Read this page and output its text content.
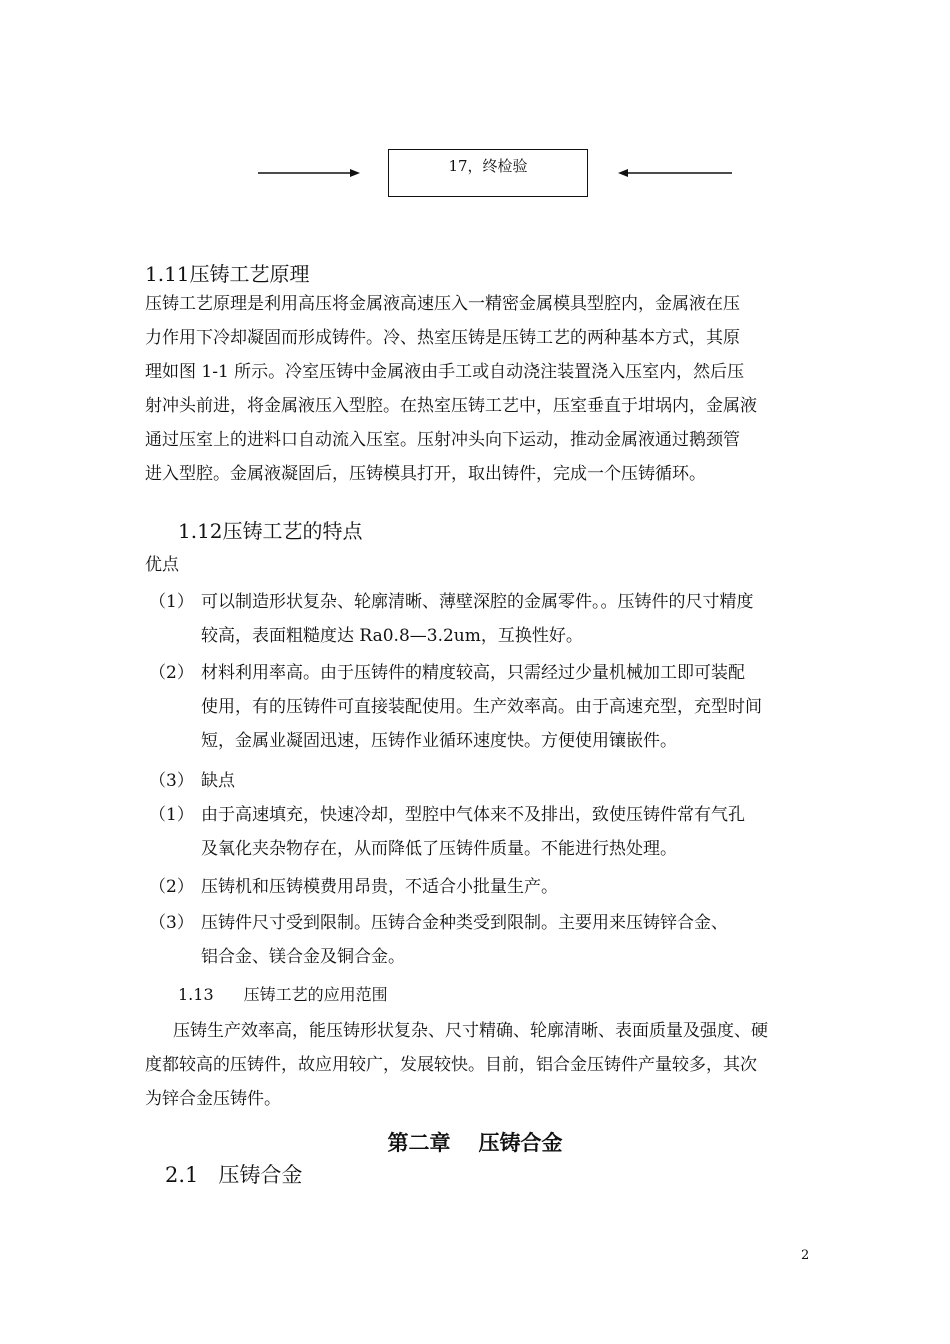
17，终检验
1.11压铸工艺原理

压铸工艺原理是利用高压将金属液高速压入一精密金属模具型腔内，金属液在压

力作用下冷却凝固而形成铸件。冷、热室压铸是压铸工艺的两种基本方式，其原

理如图 1-1 所示。冷室压铸中金属液由手工或自动浇注装置浇入压室内，然后压

射冲头前进，将金属液压入型腔。在热室压铸工艺中，压室垂直于坩埚内，金属液

通过压室上的进料口自动流入压室。压射冲头向下运动，推动金属液通过鹅颈管

进入型腔。金属液凝固后，压铸模具打开，取出铸件，完成一个压铸循环。

1.12压铸工艺的特点
优点
（1） 可以制造形状复杂、轮廓清晰、薄壁深腔的金属零件。。压铸件的尺寸精度
较高，表面粗糙度达 Ra0.8—3.2um，互换性好。
（2） 材料利用率高。由于压铸件的精度较高，只需经过少量机械加工即可装配
使用，有的压铸件可直接装配使用。生产效率高。由于高速充型，充型时间
短，金属业凝固迅速，压铸作业循环速度快。方便使用镶嵌件。
（3） 缺点
（1） 由于高速填充，快速冷却，型腔中气体来不及排出，致使压铸件常有气孔
及氧化夹杂物存在，从而降低了压铸件质量。不能进行热处理。
（2） 压铸机和压铸模费用昂贵，不适合小批量生产。
（3） 压铸件尺寸受到限制。压铸合金种类受到限制。主要用来压铸锌合金、
铝合金、镁合金及铜合金。
1.13 压铸工艺的应用范围

压铸生产效率高，能压铸形状复杂、尺寸精确、轮廓清晰、表面质量及强度、硬

度都较高的压铸件，故应用较广，发展较快。目前，铝合金压铸件产量较多，其次

为锌合金压铸件。

第二章 压铸合金
2.1 压铸合金
2
